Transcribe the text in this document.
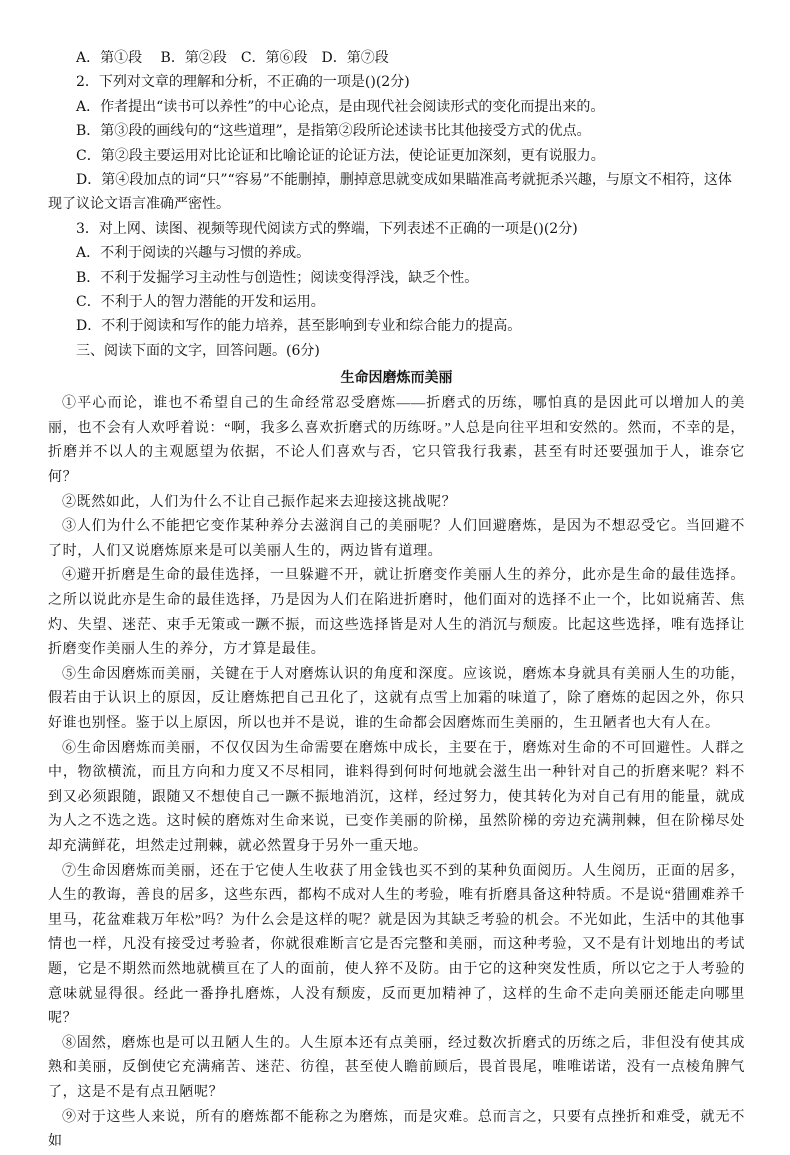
A．第①段　 B．第②段　C．第⑥段　D．第⑦段

2．下列对文章的理解和分析，不正确的一项是()(2分)

A．作者提出“读书可以养性”的中心论点，是由现代社会阅读形式的变化而提出来的。

B．第③段的画线句的“这些道理”，是指第②段所论述读书比其他接受方式的优点。

C．第②段主要运用对比论证和比喻论证的论证方法，使论证更加深刻，更有说服力。

D．第④段加点的词“只”“容易”不能删掉，删掉意思就变成如果瞄准高考就扼杀兴趣，与原文不相符，这体现了议论文语言准确严密性。

3．对上网、读图、视频等现代阅读方式的弊端，下列表述不正确的一项是()(2分)

A．不利于阅读的兴趣与习惯的养成。

B．不利于发掘学习主动性与创造性；阅读变得浮浅，缺乏个性。

C．不利于人的智力潜能的开发和运用。

D．不利于阅读和写作的能力培养，甚至影响到专业和综合能力的提高。

三、阅读下面的文字，回答问题。(6分)

生命因磨炼而美丽

①平心而论，谁也不希望自己的生命经常忍受磨炼——折磨式的历练，哪怕真的是因此可以增加人的美丽，也不会有人欢呼着说：“啊，我多么喜欢折磨式的历练呀。”人总是向往平坦和安然的。然而，不幸的是，折磨并不以人的主观愿望为依据，不论人们喜欢与否，它只管我行我素，甚至有时还要强加于人，谁奈它何？

②既然如此，人们为什么不让自己振作起来去迎接这挑战呢？

③人们为什么不能把它变作某种养分去滋润自己的美丽呢？人们回避磨炼，是因为不想忍受它。当回避不了时，人们又说磨炼原来是可以美丽人生的，两边皆有道理。

④避开折磨是生命的最佳选择，一旦躲避不开，就让折磨变作美丽人生的养分，此亦是生命的最佳选择。之所以说此亦是生命的最佳选择，乃是因为人们在陷进折磨时，他们面对的选择不止一个，比如说痛苦、焦灼、失望、迷茫、束手无策或一蹶不振，而这些选择皆是对人生的消沉与颓废。比起这些选择，唯有选择让折磨变作美丽人生的养分，方才算是最佳。

⑤生命因磨炼而美丽，关键在于人对磨炼认识的角度和深度。应该说，磨炼本身就具有美丽人生的功能，假若由于认识上的原因，反让磨炼把自己丑化了，这就有点雪上加霜的味道了，除了磨炼的起因之外，你只好谁也别怪。鉴于以上原因，所以也并不是说，谁的生命都会因磨炼而生美丽的，生丑陋者也大有人在。

⑥生命因磨炼而美丽，不仅仅因为生命需要在磨炼中成长，主要在于，磨炼对生命的不可回避性。人群之中，物欲横流，而且方向和力度又不尽相同，谁料得到何时何地就会滋生出一种针对自己的折磨来呢？料不到又必须跟随，跟随又不想使自己一蹶不振地消沉，这样，经过努力，使其转化为对自己有用的能量，就成为人之不选之选。这时候的磨炼对生命来说，已变作美丽的阶梯，虽然阶梯的旁边充满荆棘，但在阶梯尽处却充满鲜花，坦然走过荆棘，就必然置身于另外一重天地。

⑦生命因磨炼而美丽，还在于它使人生收获了用金钱也买不到的某种负面阅历。人生阅历，正面的居多，人生的教诲，善良的居多，这些东西，都构不成对人生的考验，唯有折磨具备这种特质。不是说“猎圃难养千里马，花盆难栽万年松”吗？为什么会是这样的呢？就是因为其缺乏考验的机会。不光如此，生活中的其他事情也一样，凡没有接受过考验者，你就很难断言它是否完整和美丽，而这种考验，又不是有计划地出的考试题，它是不期然而然地就横亘在了人的面前，使人猝不及防。由于它的这种突发性质，所以它之于人考验的意味就显得很。经此一番挣扎磨炼，人没有颓废，反而更加精神了，这样的生命不走向美丽还能走向哪里呢？

⑧固然，磨炼也是可以丑陋人生的。人生原本还有点美丽，经过数次折磨式的历练之后，非但没有使其成熟和美丽，反倒使它充满痛苦、迷茫、彷徨，甚至使人瞻前顾后，畏首畏尾，唯唯诺诺，没有一点棱角脾气了，这是不是有点丑陋呢？

⑨对于这些人来说，所有的磨炼都不能称之为磨炼，而是灾难。总而言之，只要有点挫折和难受，就无不如
